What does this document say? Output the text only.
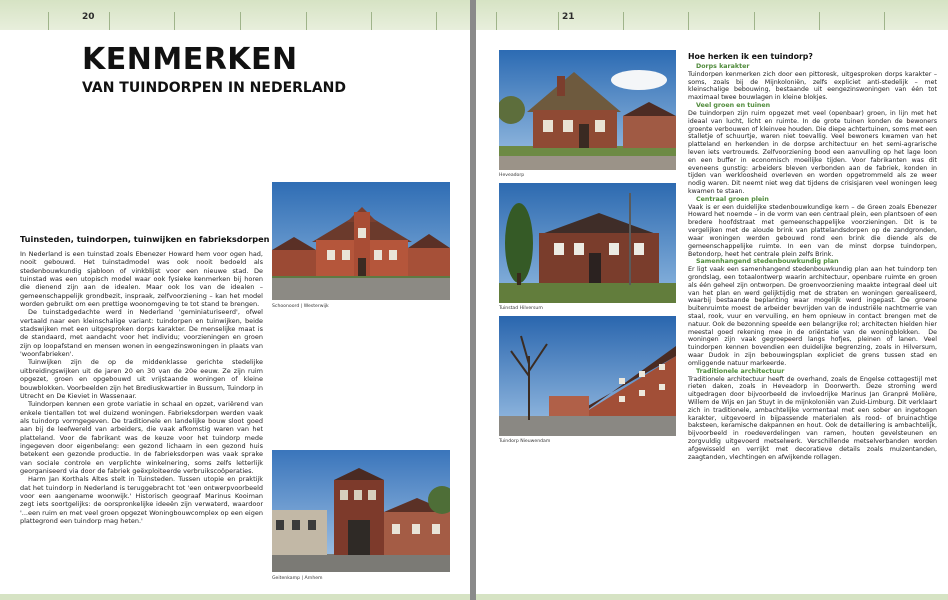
20
KENMERKEN
VAN TUINDORPEN IN NEDERLAND
Tuinsteden, tuindorpen, tuinwijken en fabrieksdorpen

In Nederland is een tuinstad zoals Ebenezer Howard hem voor ogen had, nooit gebouwd. Het tuinstadmodel was ook nooit bedoeld als stedenbouwkundig sjabloon of vinkblijst voor een nieuwe stad. De tuinstad was een utopisch model waar ook fysieke kenmerken bij horen die dienend zijn aan de idealen. Maar ook los van de idealen – gemeenschappelijk grondbezit, inspraak, zelfvoorziening – kan het model worden gebruikt om een prettige woonomgeving te tot stand te brengen.

De tuinstadgedachte werd in Nederland 'geminiaturiseerd', ofwel vertaald naar een kleinschalige variant: tuindorpen en tuinwijken, beide stadswijken met een uitgesproken dorps karakter. De menselijke maat is de standaard, met aandacht voor het individu; voorzieningen en groen zijn op loopafstand en mensen wonen in eengezinswoningen in plaats van 'woonfabrieken'.

Tuinwijken zijn de op de middenklasse gerichte stedelijke uitbreidingswijken uit de jaren 20 en 30 van de 20e eeuw. Ze zijn ruim opgezet, groen en opgebouwd uit vrijstaande woningen of kleine bouwblokken. Voorbeelden zijn het Brediuskwartier in Bussum, Tuindorp in Utrecht en De Kieviet in Wassenaar.

Tuindorpen kennen een grote variatie in schaal en opzet, variërend van enkele tientallen tot wel duizend woningen. Fabrieksdorpen werden vaak als tuindorp vormgegeven. De traditionele en landelijke bouw sloot goed aan bij de leefwereld van arbeiders, die vaak afkomstig waren van het platteland. Voor de fabrikant was de keuze voor het tuindorp mede ingegeven door eigenbelang: een gezond lichaam in een gezond huis betekent een gezonde productie. In de fabrieksdorpen was vaak sprake van sociale controle en verplichte winkelnering, soms zelfs letterlijk georganiseerd via door de fabriek geëxploiteerde verbruikscoöperaties.

Harm Jan Korthals Altes stelt in Tuinsteden. Tussen utopie en praktijk dat het tuindorp in Nederland is teruggebracht tot 'een ontwerpvoorbeeld voor een aangename woonwijk.' Historisch geograaf Marinus Kooiman zegt iets soortgelijks: de oorspronkelijke ideeën zijn verwaterd, waardoor '...een ruim en met veel groen opgezet Woningbouwcomplex op een eigen plattegrond een tuindorp mag heten.'

Schoonoord | Westerwijk
Geitenkamp | Arnhem
21
Heveadorp
Tuinstad Hilversum
Tuindorp Nieuwendam
Hoe herken ik een tuindorp?
Dorps karakter

Tuindorpen kenmerken zich door een pittoresk, uitgesproken dorps karakter – soms, zoals bij de Mijnkoloniën, zelfs expliciet anti-stedelijk – met kleinschalige bebouwing, bestaande uit eengezinswoningen van één tot maximaal twee bouwlagen in kleine blokjes.

Veel groen en tuinen

De tuindorpen zijn ruim opgezet met veel (openbaar) groen, in lijn met het ideaal van lucht, licht en ruimte. In de grote tuinen konden de bewoners groente verbouwen of kleinvee houden. Die diepe achtertuinen, soms met een stalletje of schuurtje, waren niet toevallig. Veel bewoners kwamen van het platteland en herkenden in de dorpse architectuur en het semi-agrarische leven iets vertrouwds. Zelfvoorziening bood een aanvulling op het lage loon en een buffer in economisch moeilijke tijden. Voor fabrikanten was dit eveneens gunstig: arbeiders bleven verbonden aan de fabriek, konden in tijden van werkloosheid overleven en worden opgetrommeld als ze weer nodig waren. Dit neemt niet weg dat tijdens de crisisjaren veel woningen leeg kwamen te staan.

Centraal groen plein

Vaak is er een duidelijke stedenbouwkundige kern – de Green zoals Ebenezer Howard het noemde – in de vorm van een centraal plein, een plantsoen of een bredere hoofdstraat met gemeenschappelijke voorzieningen. Dit is te vergelijken met de aloude brink van plattelandsdorpen op de zandgronden, waar woningen werden gebouwd rond een brink die diende als de gemeenschappelijke ruimte. In een van de minst dorpse tuindorpen, Betondorp, heet het centrale plein zelfs Brink.

Samenhangend stedenbouwkundig plan

Er ligt vaak een samenhangend stedenbouwkundig plan aan het tuindorp ten grondslag, een totaalontwerp waarin architectuur, openbare ruimte en groen als één geheel zijn ontworpen. De groenvoorziening maakte integraal deel uit van het plan en werd gelijktijdig met de straten en woningen gerealiseerd, waarbij bestaande beplanting waar mogelijk werd ingepast. De groene buitenruimte moest de arbeider bevrijden van de industriële nachtmerrie van staal, rook, vuur en vervuiling, en hem opnieuw in contact brengen met de natuur. Ook de bezonning speelde een belangrijke rol; architecten hielden hier meestal goed rekening mee in de oriëntatie van de woningblokken.  De woningen zijn vaak gegroepeerd langs hofjes, pleinen of lanen. Veel tuindorpen kennen bovendien een duidelijke begrenzing, zoals in Hilversum, waar Dudok in zijn bebouwingsplan expliciet de grens tussen stad en omliggende natuur markeerde.

Traditionele architectuur

Traditionele architectuur heeft de overhand, zoals de Engelse cottagestijl met rieten daken, zoals in Heveadorp in Doorwerth. Deze stroming werd uitgedragen door bijvoorbeeld de invloedrijke Marinus Jan Granpré Molière, Willem de Wijs en Jan Stuyt in de mijnkoloniën van Zuid-Limburg. Dit verklaart zich in traditionele, ambachtelijke vormentaal met een sober en ingetogen karakter, uitgevoerd in bijpassende materialen als rood- of bruinachtige baksteen, keramische dakpannen en hout. Ook de detaillering is ambachtelijk, bijvoorbeeld in roedeverdelingen van ramen, houten gevelsteunen en zorgvuldig uitgevoerd metselwerk. Verschillende metselverbanden worden afgewisseld en verrijkt met decoratieve details zoals muizentanden, zaagtanden, vlechtingen en afwijkende rollagen.
